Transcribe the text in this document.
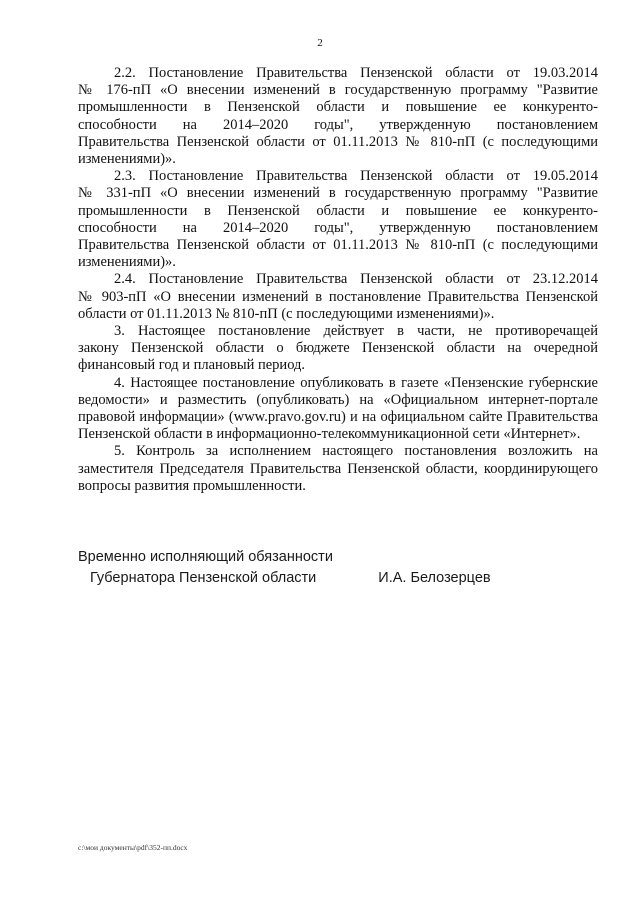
2

2.2. Постановление Правительства Пензенской области от 19.03.2014

№ 176-пП «О внесении изменений в государственную программу "Развитие

промышленности в Пензенской области и повышение ее конкуренто-

способности на 2014–2020 годы", утвержденную постановлением

Правительства Пензенской области от 01.11.2013 № 810-пП (с последующими

изменениями)».

2.3. Постановление Правительства Пензенской области от 19.05.2014

№ 331-пП «О внесении изменений в государственную программу "Развитие

промышленности в Пензенской области и повышение ее конкуренто-

способности на 2014–2020 годы", утвержденную постановлением

Правительства Пензенской области от 01.11.2013 № 810-пП (с последующими

изменениями)».

2.4. Постановление Правительства Пензенской области от 23.12.2014

№ 903-пП «О внесении изменений в постановление Правительства Пензенской

области от 01.11.2013 № 810-пП (с последующими изменениями)».

3. Настоящее постановление действует в части, не противоречащей

закону Пензенской области о бюджете Пензенской области на очередной

финансовый год и плановый период.

4. Настоящее постановление опубликовать в газете «Пензенские губернские

ведомости» и разместить (опубликовать) на «Официальном интернет-портале

правовой информации» (www.pravo.gov.ru) и на официальном сайте Правительства

Пензенской области в информационно-телекоммуникационной сети «Интернет».

5. Контроль за исполнением настоящего постановления возложить на

заместителя Председателя Правительства Пензенской области, координирующего

вопросы развития промышленности.

Временно исполняющий обязанности

Губернатора Пензенской области	И.А. Белозерцев

c:\мои документы\pdf\352-пп.docx
